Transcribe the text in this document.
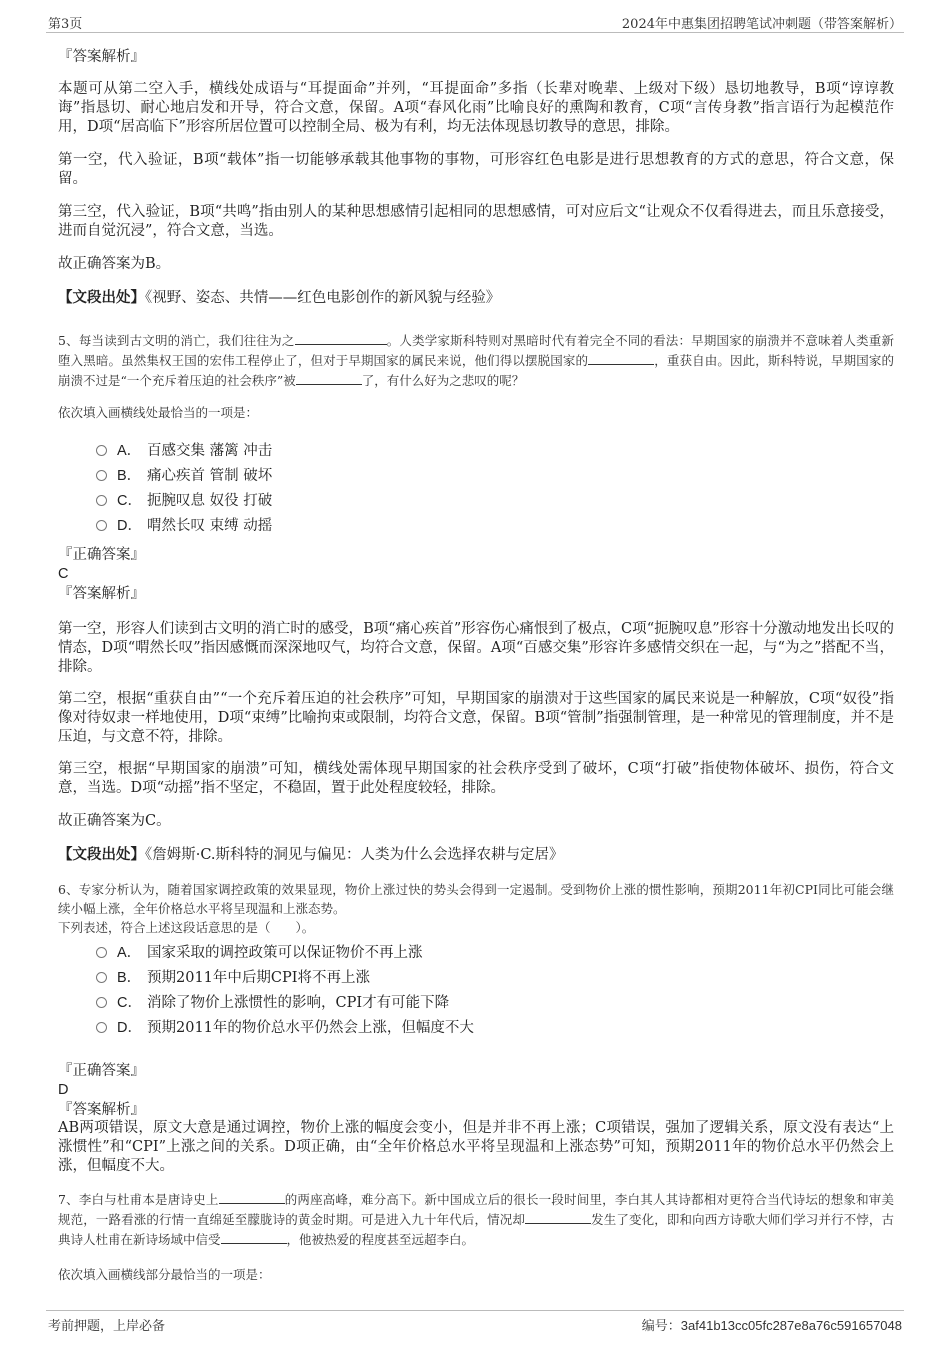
第3页	2024年中惠集团招聘笔试冲刺题（带答案解析）
『答案解析』
本题可从第二空入手，横线处成语与“耳提面命”并列，“耳提面命”多指（长辈对晚辈、上级对下级）恳切地教导，B项“谆谆教诲”指恳切、耐心地启发和开导，符合文意，保留。A项“春风化雨”比喻良好的熏陶和教育，C项“言传身教”指言语行为起模范作用，D项“居高临下”形容所居位置可以控制全局、极为有利，均无法体现恳切教导的意思，排除。
第一空，代入验证，B项“载体”指一切能够承载其他事物的事物，可形容红色电影是进行思想教育的方式的意思，符合文意，保留。
第三空，代入验证，B项“共鸣”指由别人的某种思想感情引起相同的思想感情，可对应后文“让观众不仅看得进去，而且乐意接受，进而自觉沉浸”，符合文意，当选。
故正确答案为B。
【文段出处】《视野、姿态、共情——红色电影创作的新风貌与经验》
5、每当读到古文明的消亡，我们往往为之	。人类学家斯科特则对黑暗时代有着完全不同的看法：早期国家的崩溃并不意味着人类重新堕入黑暗。虽然集权王国的宏伟工程停止了，但对于早期国家的属民来说，他们得以摆脱国家的	，重获自由。因此，斯科特说，早期国家的崩溃不过是“一个充斥着压迫的社会秩序”被	了，有什么好为之悲叹的呢？
依次填入画横线处最恰当的一项是：
A． 百感交集 藩篱 冲击
B． 痛心疾首 管制 破坏
C． 扼腕叹息 奴役 打破
D． 喟然长叹 束缚 动摇
『正确答案』
C
『答案解析』
第一空，形容人们读到古文明的消亡时的感受，B项“痛心疾首”形容伤心痛恨到了极点，C项“扼腕叹息”形容十分激动地发出长叹的情态，D项“喟然长叹”指因感慨而深深地叹气，均符合文意，保留。A项“百感交集”形容许多感情交织在一起，与“为之”搭配不当，排除。
第二空，根据“重获自由”“一个充斥着压迫的社会秩序”可知，早期国家的崩溃对于这些国家的属民来说是一种解放，C项“奴役”指像对待奴隶一样地使用，D项“束缚”比喻拘束或限制，均符合文意，保留。B项“管制”指强制管理，是一种常见的管理制度，并不是压迫，与文意不符，排除。
第三空，根据“早期国家的崩溃”可知，横线处需体现早期国家的社会秩序受到了破坏，C项“打破”指使物体破坏、损伤，符合文意，当选。D项“动摇”指不坚定，不稳固，置于此处程度较轻，排除。
故正确答案为C。
【文段出处】《詹姆斯·C.斯科特的洞见与偏见：人类为什么会选择农耕与定居》
6、专家分析认为，随着国家调控政策的效果显现，物价上涨过快的势头会得到一定遏制。受到物价上涨的惯性影响，预期2011年初CPI同比可能会继续小幅上涨，全年价格总水平将呈现温和上涨态势。
下列表述，符合上述这段话意思的是（　　）。
A． 国家采取的调控政策可以保证物价不再上涨
B． 预期2011年中后期CPI将不再上涨
C． 消除了物价上涨惯性的影响，CPI才有可能下降
D． 预期2011年的物价总水平仍然会上涨，但幅度不大
『正确答案』
D
『答案解析』
AB两项错误，原文大意是通过调控，物价上涨的幅度会变小，但是并非不再上涨；C项错误，强加了逻辑关系，原文没有表达“上涨惯性”和“CPI”上涨之间的关系。D项正确，由“全年价格总水平将呈现温和上涨态势”可知，预期2011年的物价总水平仍然会上涨，但幅度不大。
7、李白与杜甫本是唐诗史上	的两座高峰，难分高下。新中国成立后的很长一段时间里，李白其人其诗都相对更符合当代诗坛的想象和审美规范，一路看涨的行情一直绵延至朦胧诗的黄金时期。可是进入九十年代后，情况却	发生了变化，即和向西方诗歌大师们学习并行不悖，古典诗人杜甫在新诗场域中信受	，他被热爱的程度甚至远超李白。
依次填入画横线部分最恰当的一项是：
考前押题，上岸必备	编号：3af41b13cc05fc287e8a76c591657048
